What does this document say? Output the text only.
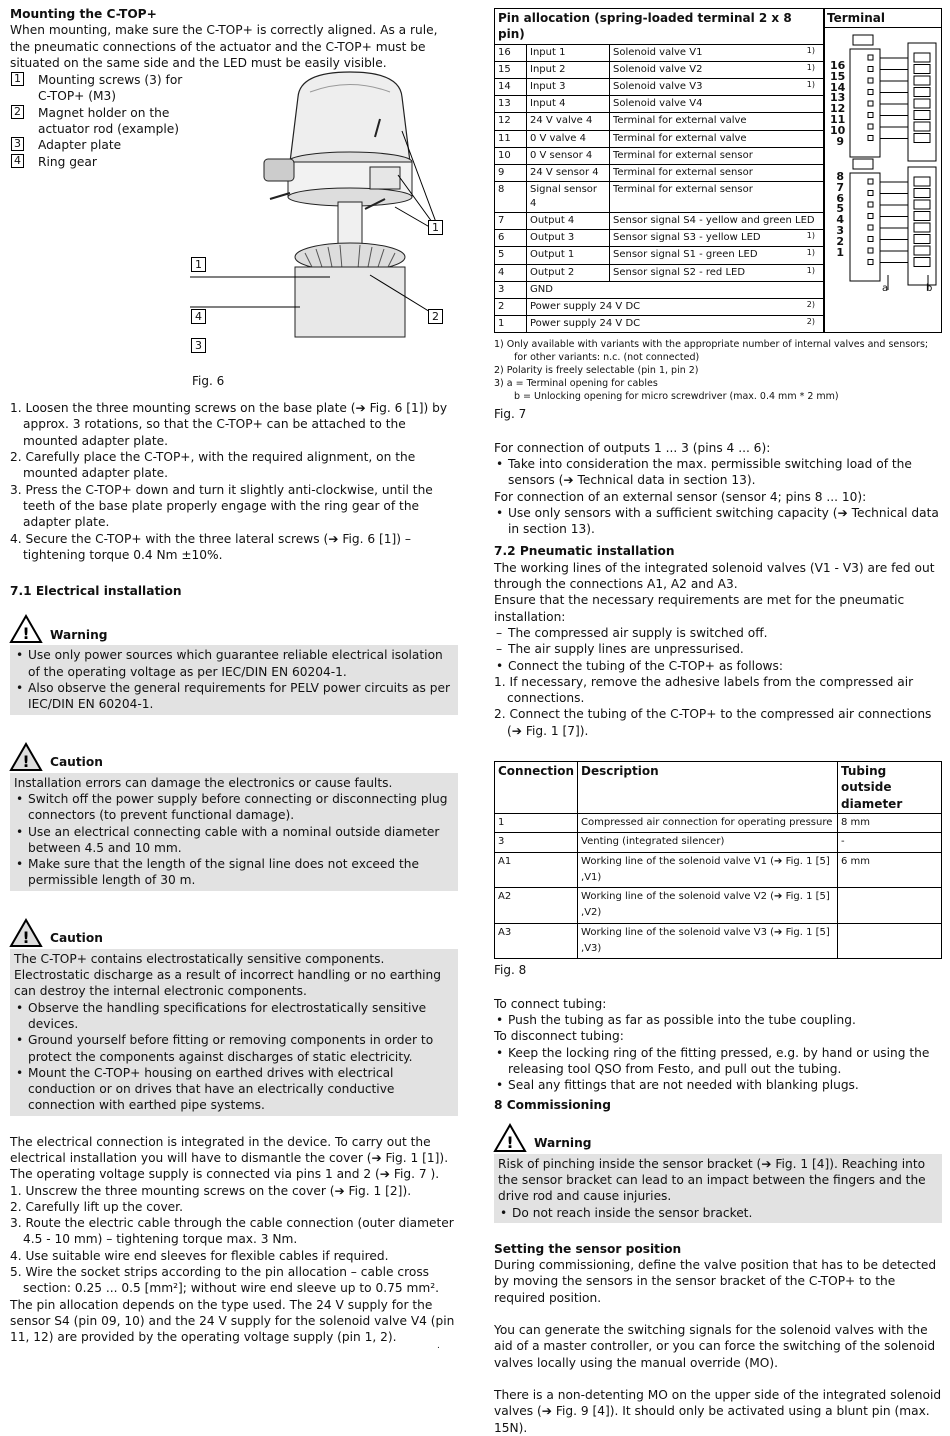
Mounting the C-TOP+

When mounting, make sure the C-TOP+ is correctly aligned. As a rule, the pneumatic connections of the actuator and the C-TOP+ must be situated on the same side and the LED must be easily visible.

1 Mounting screws (3) for C-TOP+ (M3)
2 Magnet holder on the actuator rod (example)
3 Adapter plate
4 Ring gear
1
1
4	2
3
Fig. 6

1. Loosen the three mounting screws on the base plate (➔ Fig. 6 [1]) by approx. 3 rotations, so that the C-TOP+ can be attached to the mounted adapter plate.

2. Carefully place the C-TOP+, with the required alignment, on the mounted adapter plate.

3. Press the C-TOP+ down and turn it slightly anti-clockwise, until the teeth of the base plate properly engage with the ring gear of the adapter plate.

4. Secure the C-TOP+ with the three lateral screws (➔ Fig. 6 [1]) – tightening torque 0.4 Nm ±10%.

7.1 Electrical installation

! Warning
• Use only power sources which guarantee reliable electrical isolation of the operating voltage as per IEC/DIN EN 60204-1.
• Also observe the general requirements for PELV power circuits as per IEC/DIN EN 60204-1.
! Caution

Installation errors can damage the electronics or cause faults.

• Switch off the power supply before connecting or disconnecting plug connectors (to prevent functional damage).
• Use an electrical connecting cable with a nominal outside diameter between 4.5 and 10 mm.
• Make sure that the length of the signal line does not exceed the permissible length of 30 m.
! Caution

The C-TOP+ contains electrostatically sensitive components. Electrostatic discharge as a result of incorrect handling or no earthing can destroy the internal electronic components.

• Observe the handling specifications for electrostatically sensitive devices.
• Ground yourself before fitting or removing components in order to protect the components against discharges of static electricity.
• Mount the C-TOP+ housing on earthed drives with electrical conduction or on drives that have an electrically conductive connection with earthed pipe systems.

The electrical connection is integrated in the device. To carry out the electrical installation you will have to dismantle the cover (➔ Fig. 1 [1]).

The operating voltage supply is connected via pins 1 and 2 (➔ Fig. 7 ).

1. Unscrew the three mounting screws on the cover (➔ Fig. 1 [2]).

2. Carefully lift up the cover.

3. Route the electric cable through the cable connection (outer diameter 4.5 - 10 mm) – tightening torque max. 3 Nm.

4. Use suitable wire end sleeves for flexible cables if required.

5. Wire the socket strips according to the pin allocation – cable cross section: 0.25 ... 0.5 [mm²]; without wire end sleeve up to 0.75 mm².

The pin allocation depends on the type used. The 24 V supply for the sensor S4 (pin 09, 10) and the 24 V supply for the solenoid valve V4 (pin 11, 12) are provided by the operating voltage supply (pin 1, 2).

Pin allocation (spring-loaded terminal 2 x 8 pin)		
16	Input 1	Solenoid valve V1 1)

15	Input 2	Solenoid valve V2 1)

14	Input 3	Solenoid valve V3 1)

13	Input 4	Solenoid valve V4
12	24 V valve 4	Terminal for external valve
11	0 V valve 4	Terminal for external valve
10	0 V sensor 4	Terminal for external sensor
9	24 V sensor 4	Terminal for external sensor
8	Signal sensor 4	Terminal for external sensor
7	Output 4	Sensor signal S4 - yellow and green LED
6	Output 3	Sensor signal S3 - yellow LED 1)

5	Output 1	Sensor signal S1 - green LED 1)

4	Output 2	Sensor signal S2 - red LED 1)

3	GND	
2	Power supply 24 V DC 2)	

1	Power supply 24 V DC 2)	
Terminal
16
15
14
13
12
11
10
9
8
7
6
5
4
3
2
1
a	b

1) Only available with variants with the appropriate number of internal valves and sensors; for other variants: n.c. (not connected)

2) Polarity is freely selectable (pin 1, pin 2)

3) a = Terminal opening for cables

b = Unlocking opening for micro screwdriver (max. 0.4 mm * 2 mm)

Fig. 7

For connection of outputs 1 ... 3 (pins 4 ... 6):

• Take into consideration the max. permissible switching load of the sensors (➔ Technical data in section 13).

For connection of an external sensor (sensor 4; pins 8 ... 10):

• Use only sensors with a sufficient switching capacity (➔ Technical data in section 13).

7.2 Pneumatic installation

The working lines of the integrated solenoid valves (V1 - V3) are fed out through the connections A1, A2 and A3.

Ensure that the necessary requirements are met for the pneumatic installation:

– The compressed air supply is switched off.
– The air supply lines are unpressurised.
• Connect the tubing of the C-TOP+ as follows:

1. If necessary, remove the adhesive labels from the compressed air connections.

2. Connect the tubing of the C-TOP+ to the compressed air connections (➔ Fig. 1 [7]).

Connection	Description	Tubing outside diameter
1	Compressed air connection for operating pressure	8 mm
3	Venting (integrated silencer)	-
A1	Working line of the solenoid valve V1 (➔ Fig. 1 [5] ,V1)	6 mm
A2	Working line of the solenoid valve V2 (➔ Fig. 1 [5] ,V2)	
A3	Working line of the solenoid valve V3 (➔ Fig. 1 [5] ,V3)	

Fig. 8

To connect tubing:

• Push the tubing as far as possible into the tube coupling.

To disconnect tubing:

• Keep the locking ring of the fitting pressed, e.g. by hand or using the releasing tool QSO from Festo, and pull out the tubing.
• Seal any fittings that are not needed with blanking plugs.

8 Commissioning

! Warning

Risk of pinching inside the sensor bracket (➔ Fig. 1 [4]). Reaching into the sensor bracket can lead to an impact between the fingers and the drive rod and cause injuries.

• Do not reach inside the sensor bracket.

Setting the sensor position

During commissioning, define the valve position that has to be detected by moving the sensors in the sensor bracket of the C-TOP+ to the required position.

You can generate the switching signals for the solenoid valves with the aid of a master controller, or you can force the switching of the solenoid valves locally using the manual override (MO).

There is a non-detenting MO on the upper side of the integrated solenoid valves (➔ Fig. 9 [4]). It should only be activated using a blunt pin (max. 15N).

.
